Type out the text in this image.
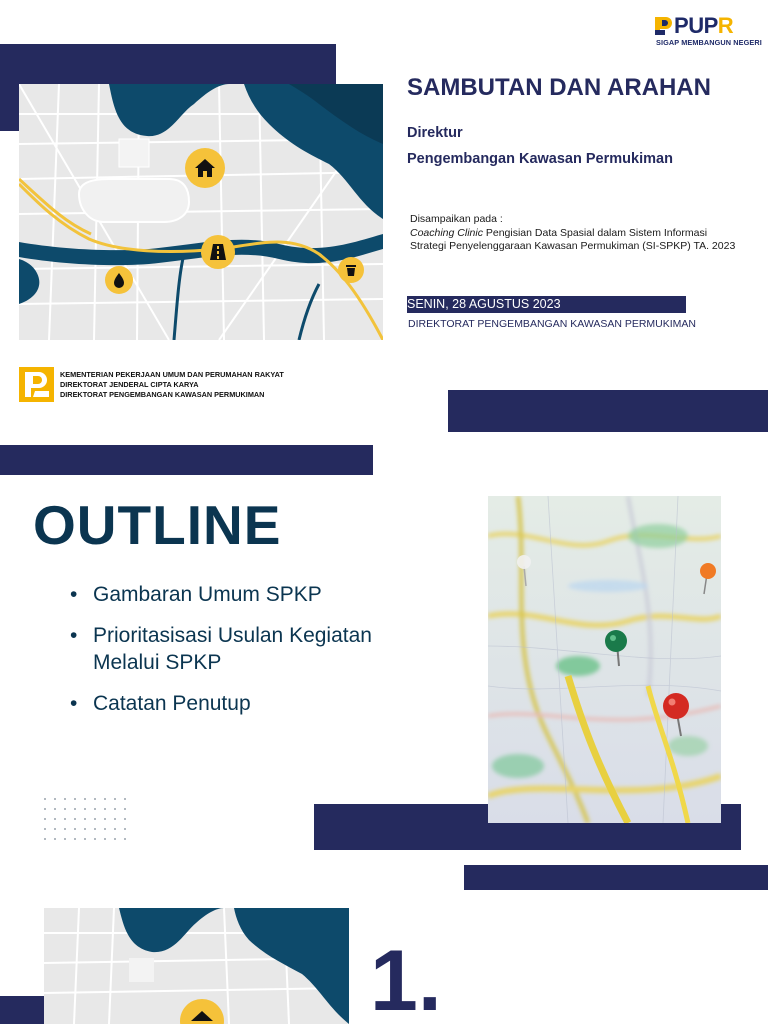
PUPR
SIGAP MEMBANGUN NEGERI
SAMBUTAN DAN ARAHAN
Direktur
Pengembangan Kawasan Permukiman
Disampaikan pada :
Coaching Clinic Pengisian Data Spasial dalam Sistem Informasi
Strategi Penyelenggaraan Kawasan Permukiman (SI-SPKP) TA. 2023
SENIN, 28 AGUSTUS 2023
DIREKTORAT PENGEMBANGAN KAWASAN PERMUKIMAN
KEMENTERIAN PEKERJAAN UMUM DAN PERUMAHAN RAKYAT
DIREKTORAT JENDERAL CIPTA KARYA
DIREKTORAT PENGEMBANGAN KAWASAN PERMUKIMAN
OUTLINE
• Gambaran Umum SPKP
• Prioritasisasi Usulan Kegiatan
Melalui SPKP
• Catatan Penutup
1.
